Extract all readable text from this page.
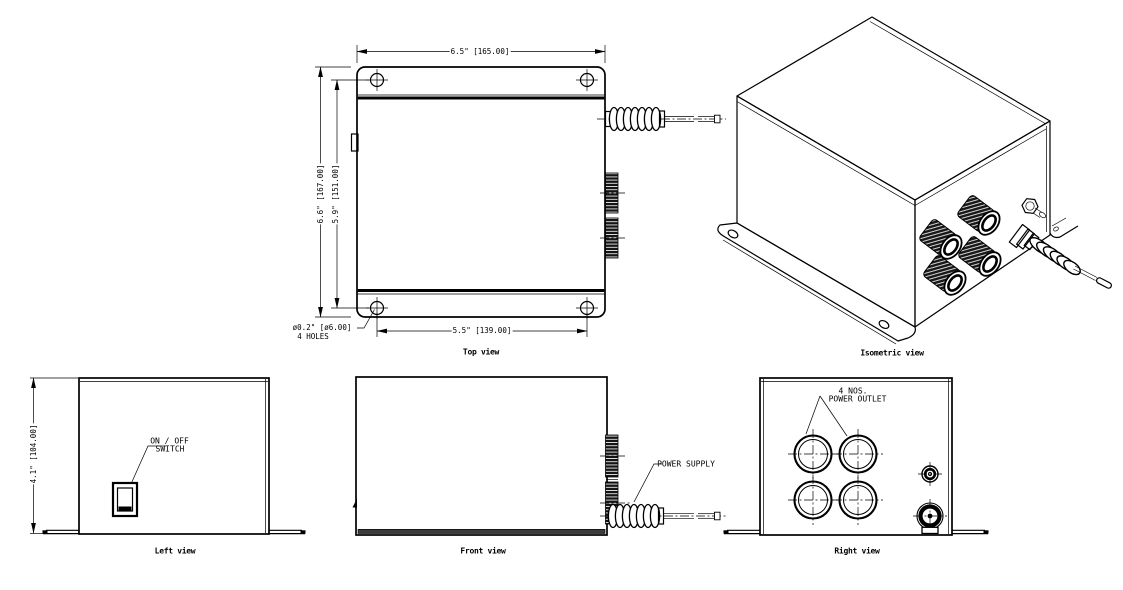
6.5" [165.00]
6.6" [167.00] 5.9" [151.00]
5.5" [139.00]
ø0.2" [ø6.00]
4 HOLES
Top view	Isometric view
4.1" [104.00]	ON / OFF
SWITCH
Left view
POWER SUPPLY
Front view
4 NOS.
POWER OUTLET
Right view
